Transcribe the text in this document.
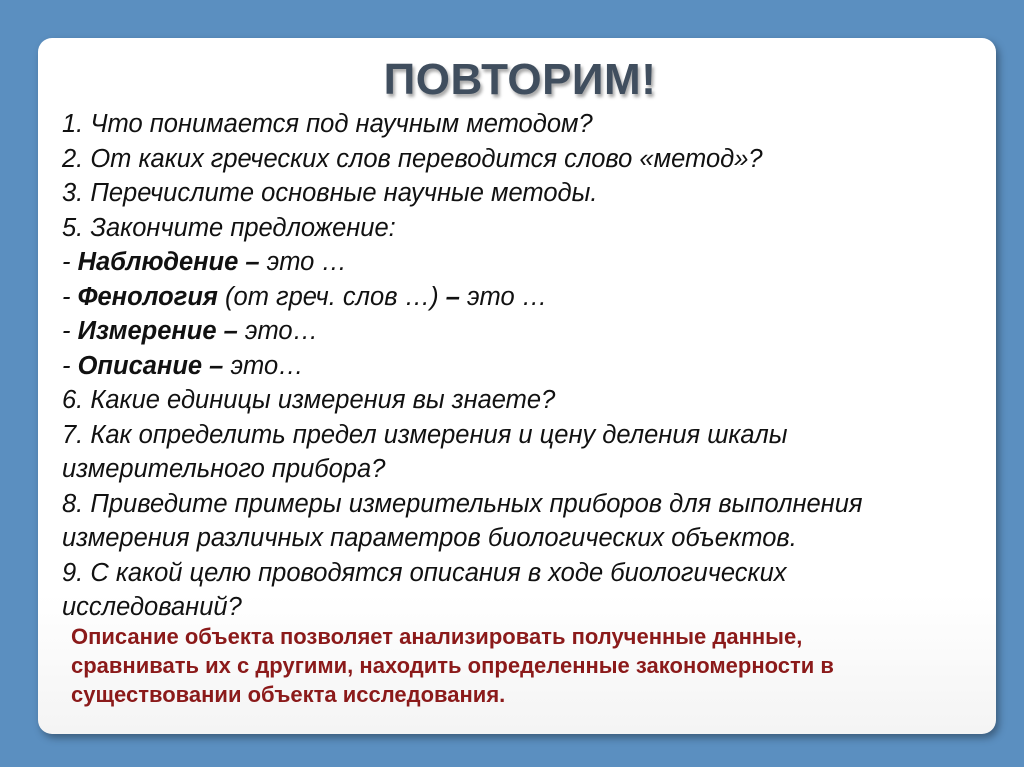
ПОВТОРИМ!
1. Что понимается под научным методом?
2. От каких греческих слов переводится слово «метод»?
3. Перечислите основные научные методы.
5. Закончите предложение:
- Наблюдение – это …
- Фенология (от греч. слов …) – это …
- Измерение – это…
- Описание – это…
6. Какие единицы измерения вы знаете?
7. Как определить предел измерения и цену деления шкалы
измерительного прибора?
8. Приведите примеры измерительных приборов для выполнения
измерения различных параметров биологических объектов.
9. С какой целю проводятся описания в ходе биологических
исследований?
Описание объекта позволяет анализировать полученные данные,
сравнивать их с другими, находить определенные закономерности в
существовании объекта исследования.
